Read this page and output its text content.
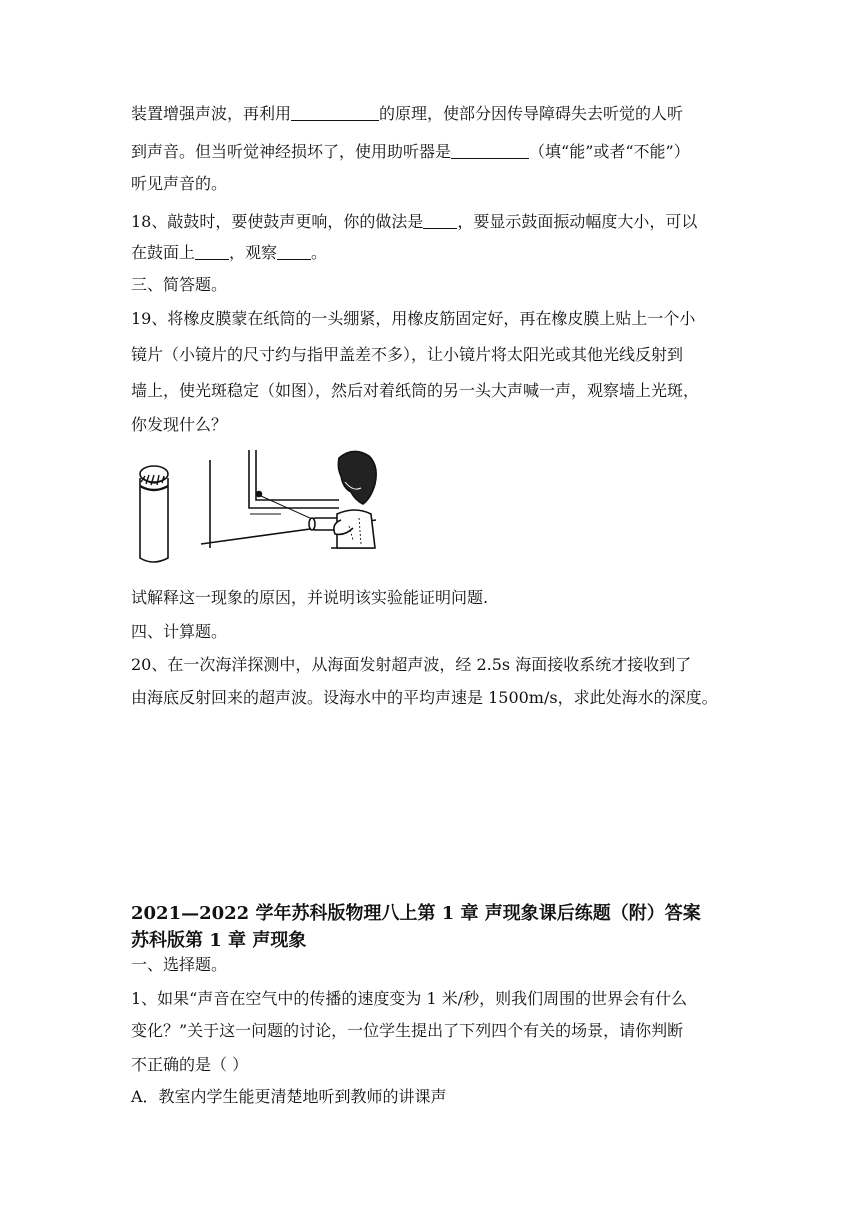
装置增强声波，再利用	的原理，使部分因传导障碍失去听觉的人听
到声音。但当听觉神经损坏了，使用助听器是	（填“能”或者“不能”）
听见声音的。
18、敲鼓时，要使鼓声更响，你的做法是 ，要显示鼓面振动幅度大小，可以
在鼓面上 ，观察 。
三、简答题。
19、将橡皮膜蒙在纸筒的一头绷紧，用橡皮筋固定好，再在橡皮膜上贴上一个小
镜片（小镜片的尺寸约与指甲盖差不多），让小镜片将太阳光或其他光线反射到
墙上，使光斑稳定（如图），然后对着纸筒的另一头大声喊一声，观察墙上光斑，
你发现什么？
试解释这一现象的原因，并说明该实验能证明问题.
四、计算题。
20、在一次海洋探测中，从海面发射超声波，经 2.5s 海面接收系统才接收到了
由海底反射回来的超声波。设海水中的平均声速是 1500m/s，求此处海水的深度。
2021—2022 学年苏科版物理八上第 1 章 声现象课后练题（附）答案
苏科版第 1 章 声现象
一、选择题。
1、如果“声音在空气中的传播的速度变为 1 米/秒，则我们周围的世界会有什么
变化？”关于这一问题的讨论，一位学生提出了下列四个有关的场景，请你判断
不正确的是（ ）
A．教室内学生能更清楚地听到教师的讲课声
